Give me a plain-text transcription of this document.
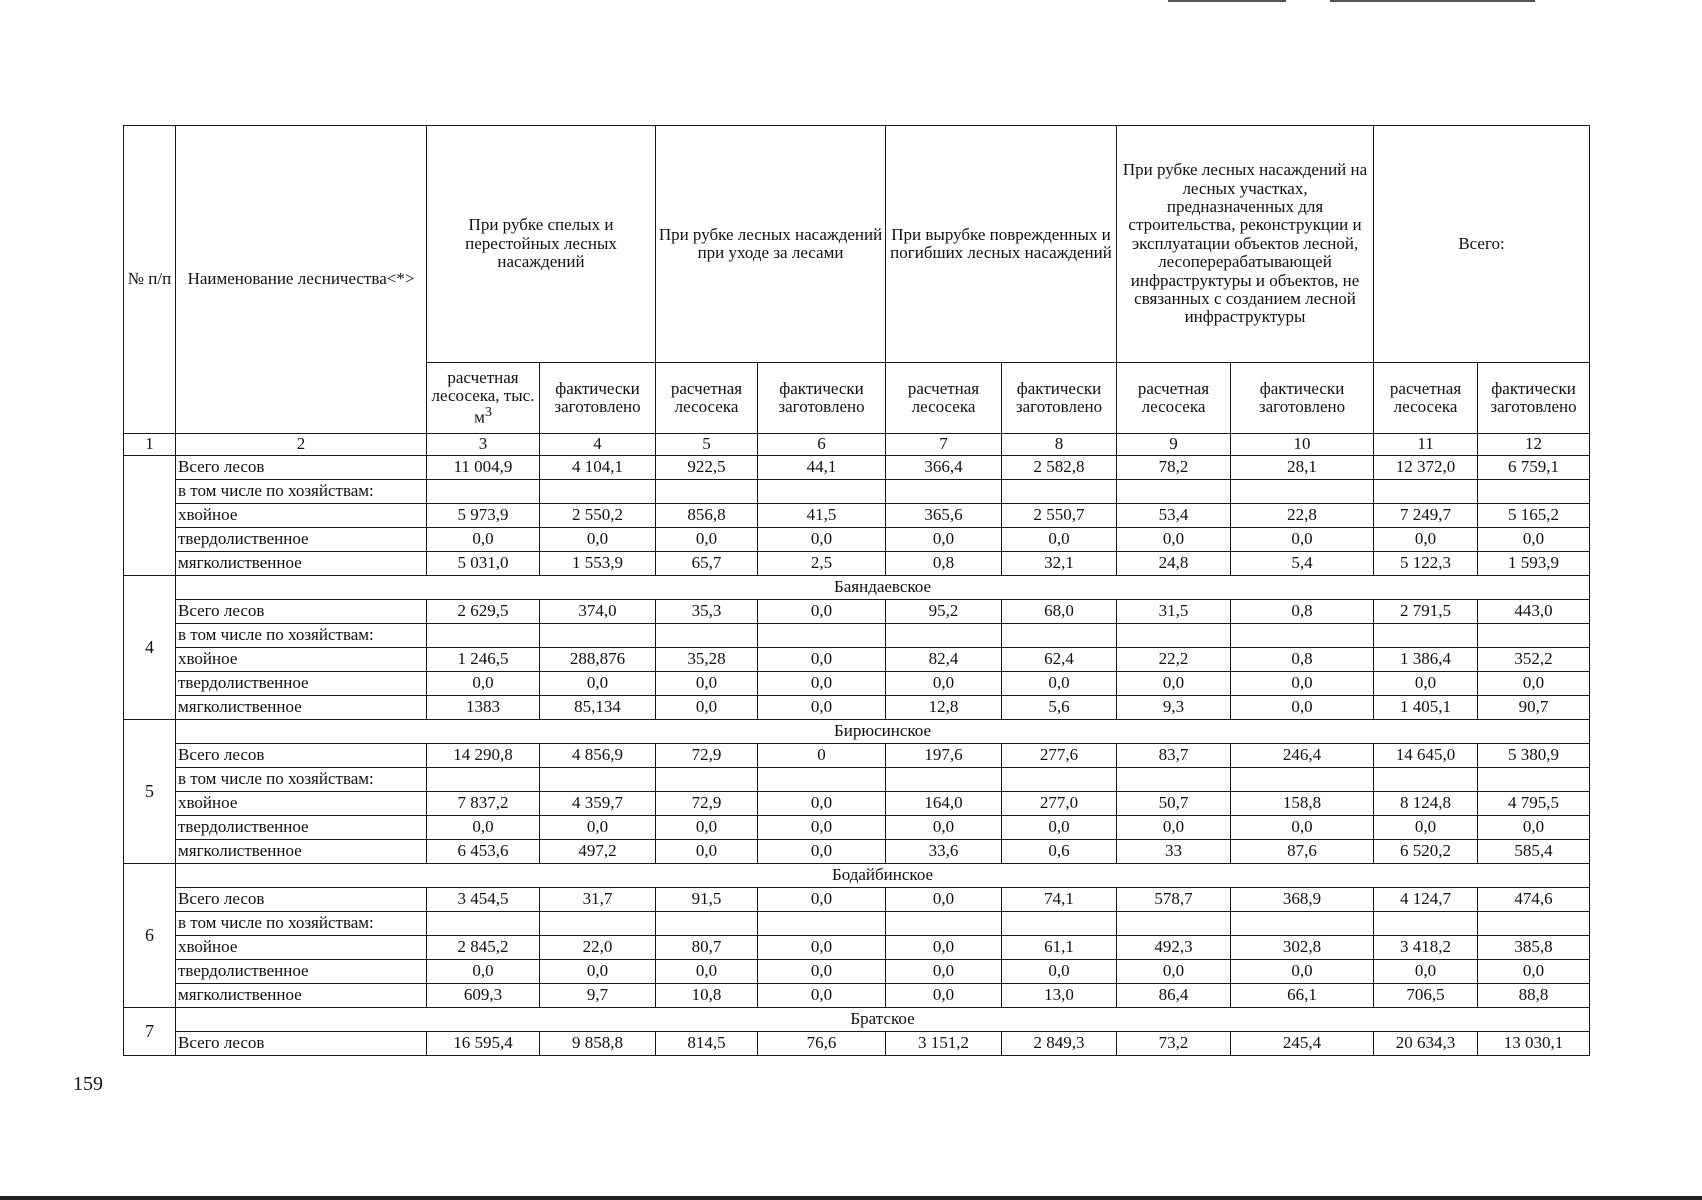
№ п/п	Наименование лесничества<*>	При рубке спелых и перестойных лесных насаждений		При рубке лесных насаждений при уходе за лесами		При вырубке поврежденных и погибших лесных насаждений		При рубке лесных насаждений на лесных участках, предназначенных для строительства, реконструкции и эксплуатации объектов лесной, лесоперерабатывающей инфраструктуры и объектов, не связанных с созданием лесной инфраструктуры		Всего:	
		расчетная лесосека, тыс. $м^3$	фактически заготовлено	расчетная лесосека	фактически заготовлено	расчетная лесосека	фактически заготовлено	расчетная лесосека	фактически заготовлено	расчетная лесосека	фактически заготовлено
1	2	3	4	5	6	7	8	9	10	11	12
	Всего лесов	11 004,9	4 104,1	922,5	44,1	366,4	2 582,8	78,2	28,1	12 372,0	6 759,1
	в том числе по хозяйствам:										
	хвойное	5 973,9	2 550,2	856,8	41,5	365,6	2 550,7	53,4	22,8	7 249,7	5 165,2
	твердолиственное	0,0	0,0	0,0	0,0	0,0	0,0	0,0	0,0	0,0	0,0
	мягколиственное	5 031,0	1 553,9	65,7	2,5	0,8	32,1	24,8	5,4	5 122,3	1 593,9
4	Баяндаевское										
	Всего лесов	2 629,5	374,0	35,3	0,0	95,2	68,0	31,5	0,8	2 791,5	443,0
	в том числе по хозяйствам:										
	хвойное	1 246,5	288,876	35,28	0,0	82,4	62,4	22,2	0,8	1 386,4	352,2
	твердолиственное	0,0	0,0	0,0	0,0	0,0	0,0	0,0	0,0	0,0	0,0
	мягколиственное	1383	85,134	0,0	0,0	12,8	5,6	9,3	0,0	1 405,1	90,7
5	Бирюсинское										
	Всего лесов	14 290,8	4 856,9	72,9	0	197,6	277,6	83,7	246,4	14 645,0	5 380,9
	в том числе по хозяйствам:										
	хвойное	7 837,2	4 359,7	72,9	0,0	164,0	277,0	50,7	158,8	8 124,8	4 795,5
	твердолиственное	0,0	0,0	0,0	0,0	0,0	0,0	0,0	0,0	0,0	0,0
	мягколиственное	6 453,6	497,2	0,0	0,0	33,6	0,6	33	87,6	6 520,2	585,4
6	Бодайбинское										
	Всего лесов	3 454,5	31,7	91,5	0,0	0,0	74,1	578,7	368,9	4 124,7	474,6
	в том числе по хозяйствам:										
	хвойное	2 845,2	22,0	80,7	0,0	0,0	61,1	492,3	302,8	3 418,2	385,8
	твердолиственное	0,0	0,0	0,0	0,0	0,0	0,0	0,0	0,0	0,0	0,0
	мягколиственное	609,3	9,7	10,8	0,0	0,0	13,0	86,4	66,1	706,5	88,8
7	Братское										
	Всего лесов	16 595,4	9 858,8	814,5	76,6	3 151,2	2 849,3	73,2	245,4	20 634,3	13 030,1
159
